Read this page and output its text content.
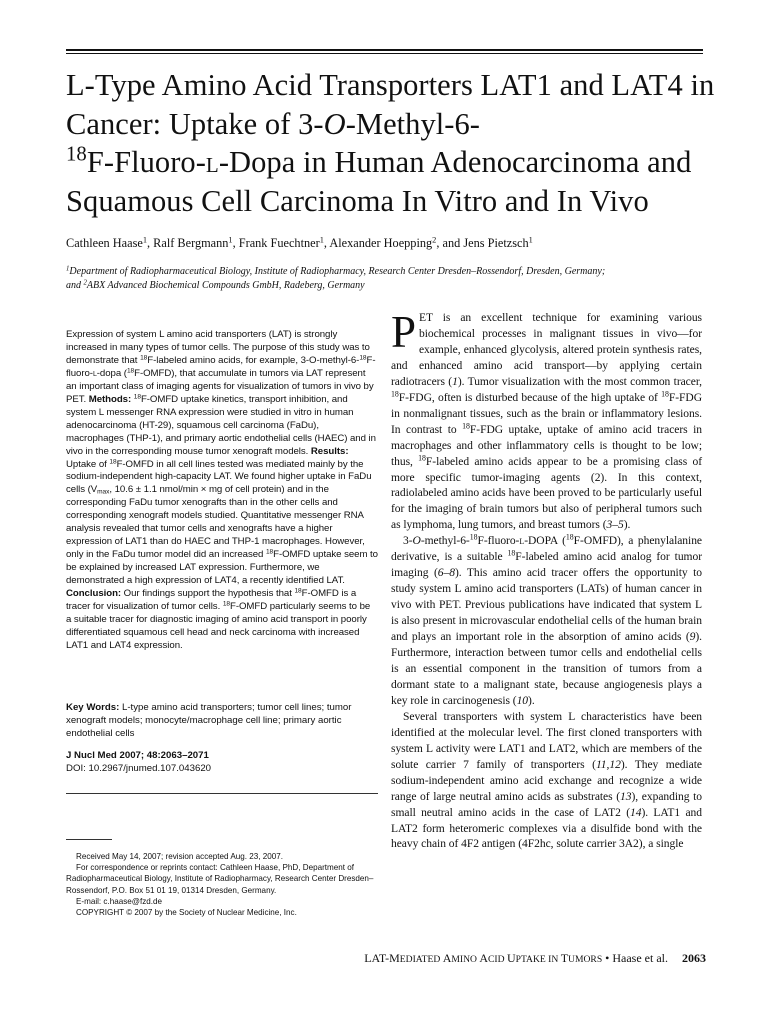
L-Type Amino Acid Transporters LAT1 and LAT4 in Cancer: Uptake of 3-O-Methyl-6-
$^{18}$F-Fluoro-l-Dopa in Human Adenocarcinoma and Squamous Cell Carcinoma In Vitro and In Vivo

Cathleen Haase$^1$, Ralf Bergmann$^1$, Frank Fuechtner$^1$, Alexander Hoepping$^2$, and Jens Pietzsch$^1$

$^1$Department of Radiopharmaceutical Biology, Institute of Radiopharmacy, Research Center Dresden–Rossendorf, Dresden, Germany;
and $^2$ABX Advanced Biochemical Compounds GmbH, Radeberg, Germany

Expression of system L amino acid transporters (LAT) is strongly increased in many types of tumor cells. The purpose of this study was to demonstrate that $^{18}$F-labeled amino acids, for example, 3-O-methyl-6-$^{18}$F-fluoro-l-dopa ($^{18}$F-OMFD), that accumulate in tumors via LAT represent an important class of imaging agents for visualization of tumors in vivo by PET. Methods: $^{18}$F-OMFD uptake kinetics, transport inhibition, and system L messenger RNA expression were studied in vitro in human adenocarcinoma (HT-29), squamous cell carcinoma (FaDu), macrophages (THP-1), and primary aortic endothelial cells (HAEC) and in vivo in the corresponding mouse tumor xenograft models. Results: Uptake of $^{18}$F-OMFD in all cell lines tested was mediated mainly by the sodium-independent high-capacity LAT. We found higher uptake in FaDu cells ($V_{max}$, 10.6 ± 1.1 nmol/min × mg of cell protein) and in the corresponding FaDu tumor xenografts than in the other cells and corresponding xenograft models studied. Quantitative messenger RNA analysis revealed that tumor cells and xenografts have a higher expression of LAT1 than do HAEC and THP-1 macrophages. However, only in the FaDu tumor model did an increased $^{18}$F-OMFD uptake seem to be explained by increased LAT expression. Furthermore, we demonstrated a high expression of LAT4, a recently identified LAT. Conclusion: Our findings support the hypothesis that $^{18}$F-OMFD is a tracer for visualization of tumor cells. $^{18}$F-OMFD particularly seems to be a suitable tracer for diagnostic imaging of amino acid transport in poorly differentiated squamous cell head and neck carcinoma with increased LAT1 and LAT4 expression.

Key Words: L-type amino acid transporters; tumor cell lines; tumor xenograft models; monocyte/macrophage cell line; primary aortic endothelial cells

J Nucl Med 2007; 48:2063–2071
DOI: 10.2967/jnumed.107.043620

Received May 14, 2007; revision accepted Aug. 23, 2007.
For correspondence or reprints contact: Cathleen Haase, PhD, Department of Radiopharmaceutical Biology, Institute of Radiopharmacy, Research Center Dresden–Rossendorf, P.O. Box 51 01 19, 01314 Dresden, Germany.
E-mail: c.haase@fzd.de
COPYRIGHT © 2007 by the Society of Nuclear Medicine, Inc.

PET is an excellent technique for examining various biochemical processes in malignant tissues in vivo—for example, enhanced glycolysis, altered protein synthesis rates, and enhanced amino acid transport—by applying certain radiotracers (1). Tumor visualization with the most common tracer, $^{18}$F-FDG, often is disturbed because of the high uptake of $^{18}$F-FDG in nonmalignant tissues, such as the brain or inflammatory lesions. In contrast to $^{18}$F-FDG uptake, uptake of amino acid tracers in macrophages and other inflammatory cells is thought to be low; thus, $^{18}$F-labeled amino acids appear to be a promising class of more specific tumor-imaging agents (2). In this context, radiolabeled amino acids have been proved to be particularly useful for the imaging of brain tumors but also of peripheral tumors such as lymphoma, lung tumors, and breast tumors (3–5).

3-O-methyl-6-$^{18}$F-fluoro-l-DOPA ($^{18}$F-OMFD), a phenylalanine derivative, is a suitable $^{18}$F-labeled amino acid analog for tumor imaging (6–8). This amino acid tracer offers the opportunity to study system L amino acid transporters (LATs) of human cancer in vivo with PET. Previous publications have indicated that system L is also present in microvascular endothelial cells of the human brain and plays an important role in the absorption of amino acids (9). Furthermore, interaction between tumor cells and endothelial cells is an essential component in the transition of tumors from a dormant state to a malignant state, because angiogenesis plays a key role in carcinogenesis (10).

Several transporters with system L characteristics have been identified at the molecular level. The first cloned transporters with system L activity were LAT1 and LAT2, which are members of the solute carrier 7 family of transporters (11,12). They mediate sodium-independent amino acid exchange and recognize a wide range of large neutral amino acids as substrates (13), expanding to small neutral amino acids in the case of LAT2 (14). LAT1 and LAT2 form heteromeric complexes via a disulfide bond with the heavy chain of 4F2 antigen (4F2hc, solute carrier 3A2), a single

LAT-MEDIATED AMINO ACID UPTAKE IN TUMORS • Haase et al. 2063
